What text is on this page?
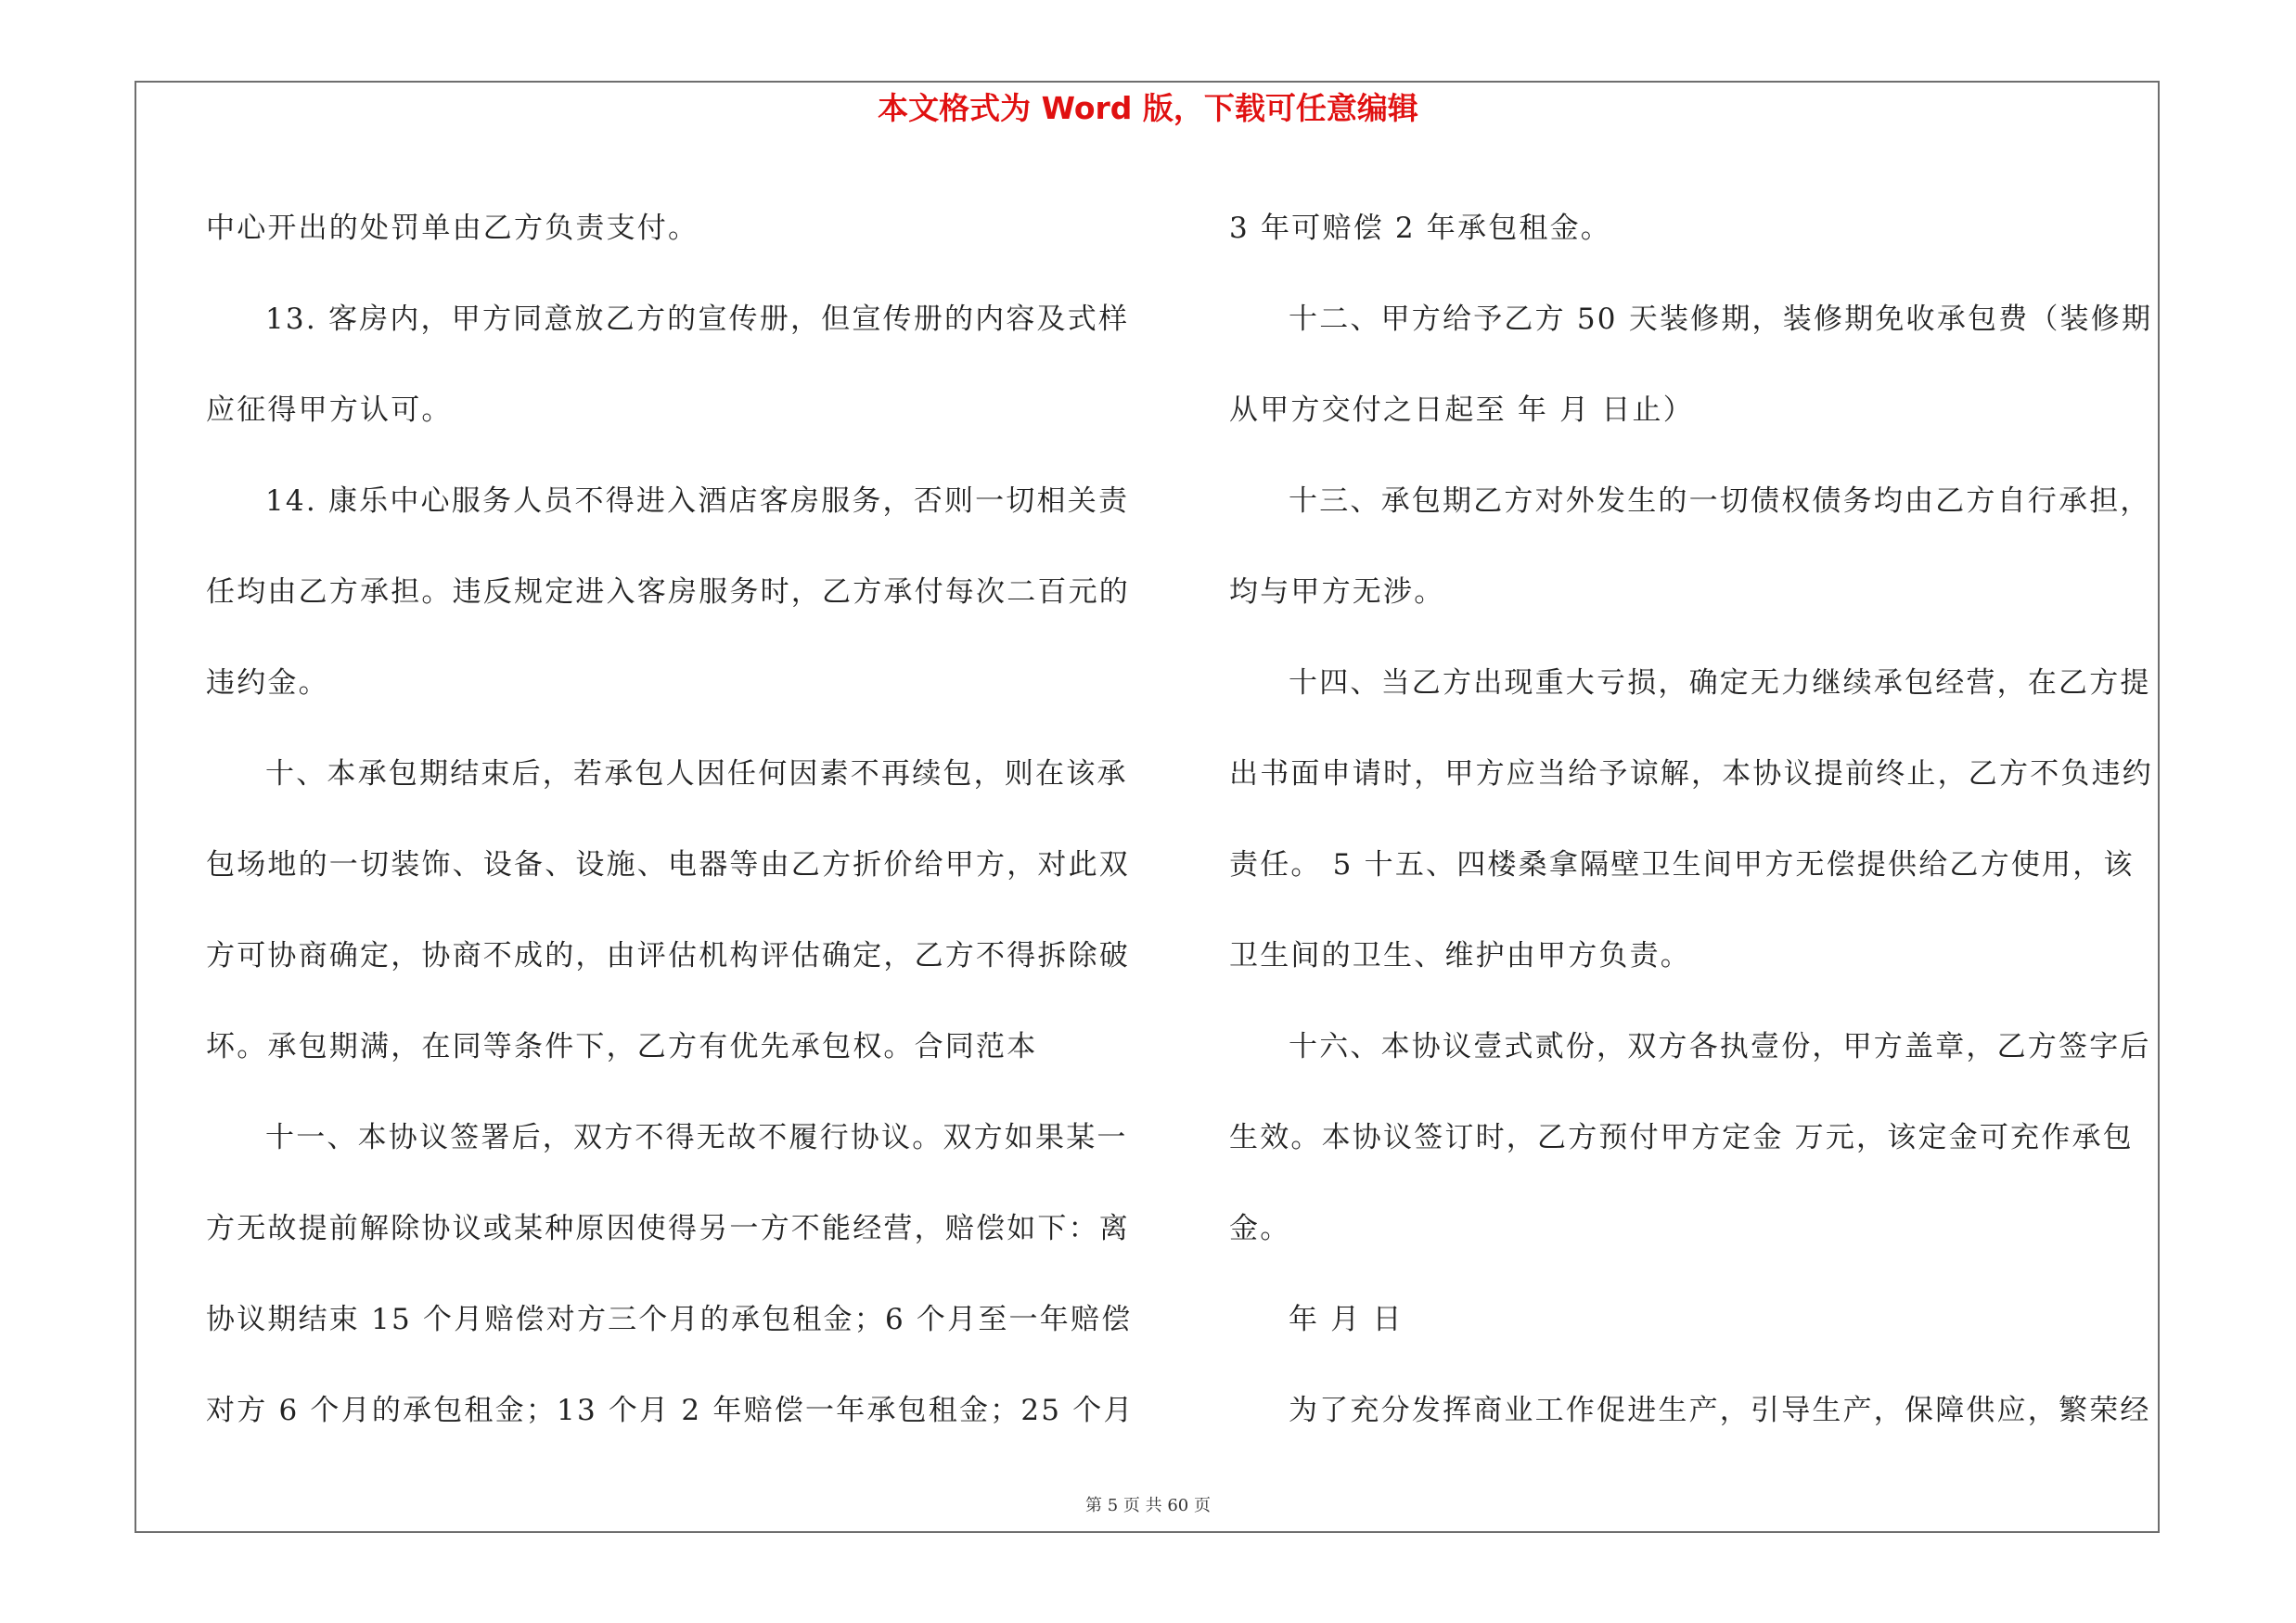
本文格式为 Word 版，下载可任意编辑

中心开出的处罚单由乙方负责支付。

13. 客房内，甲方同意放乙方的宣传册，但宣传册的内容及式样

应征得甲方认可。

14. 康乐中心服务人员不得进入酒店客房服务，否则一切相关责

任均由乙方承担。违反规定进入客房服务时，乙方承付每次二百元的

违约金。

十、本承包期结束后，若承包人因任何因素不再续包，则在该承

包场地的一切装饰、设备、设施、电器等由乙方折价给甲方，对此双

方可协商确定，协商不成的，由评估机构评估确定，乙方不得拆除破

坏。承包期满，在同等条件下，乙方有优先承包权。合同范本

十一、本协议签署后，双方不得无故不履行协议。双方如果某一

方无故提前解除协议或某种原因使得另一方不能经营，赔偿如下：离

协议期结束 15 个月赔偿对方三个月的承包租金；6 个月至一年赔偿

对方 6 个月的承包租金；13 个月 2 年赔偿一年承包租金；25 个月

3 年可赔偿 2 年承包租金。

十二、甲方给予乙方 50 天装修期，装修期免收承包费（装修期

从甲方交付之日起至 年 月 日止）

十三、承包期乙方对外发生的一切债权债务均由乙方自行承担，

均与甲方无涉。

十四、当乙方出现重大亏损，确定无力继续承包经营，在乙方提

出书面申请时，甲方应当给予谅解，本协议提前终止，乙方不负违约

责任。 5 十五、四楼桑拿隔壁卫生间甲方无偿提供给乙方使用，该

卫生间的卫生、维护由甲方负责。

十六、本协议壹式贰份，双方各执壹份，甲方盖章，乙方签字后

生效。本协议签订时，乙方预付甲方定金 万元，该定金可充作承包

金。

年 月 日

为了充分发挥商业工作促进生产，引导生产，保障供应，繁荣经

第 5 页 共 60 页
